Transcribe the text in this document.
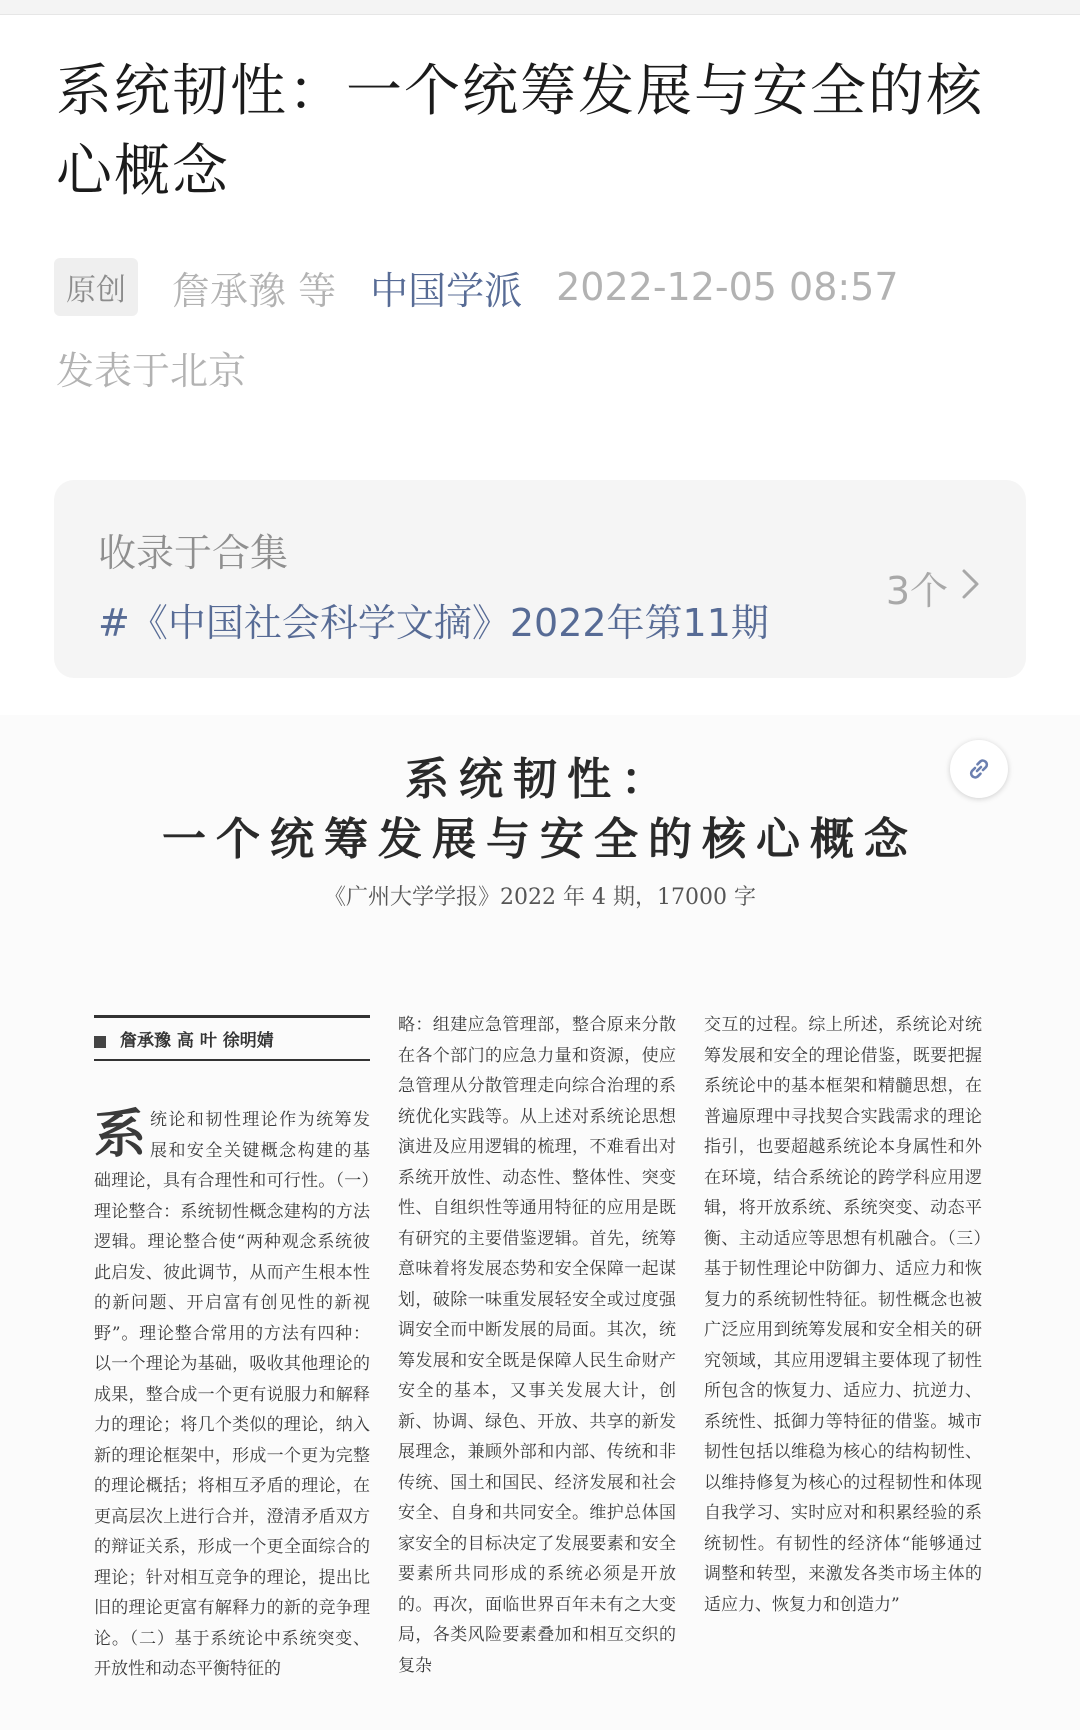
系统韧性：一个统筹发展与安全的核心概念
原创	詹承豫 等 中国学派 2022-12-05 08:57
发表于北京
收录于合集
#《中国社会科学文摘》2022年第11期
3个
系统韧性：
一个统筹发展与安全的核心概念
《广州大学学报》2022 年 4 期，17000 字
詹承豫 高 叶 徐明婧
系 统论和韧性理论作为统筹发展和安全关键概念构建的基础理论，具有合理性和可行性。（一）理论整合：系统韧性概念建构的方法逻辑。理论整合使“两种观念系统彼此启发、彼此调节，从而产生根本性的新问题、开启富有创见性的新视野”。理论整合常用的方法有四种：以一个理论为基础，吸收其他理论的成果，整合成一个更有说服力和解释力的理论；将几个类似的理论，纳入新的理论框架中，形成一个更为完整的理论概括；将相互矛盾的理论，在更高层次上进行合并，澄清矛盾双方的辩证关系，形成一个更全面综合的理论；针对相互竞争的理论，提出比旧的理论更富有解释力的新的竞争理论。（二）基于系统论中系统突变、开放性和动态平衡特征的
略：组建应急管理部，整合原来分散在各个部门的应急力量和资源，使应急管理从分散管理走向综合治理的系统优化实践等。从上述对系统论思想演进及应用逻辑的梳理，不难看出对系统开放性、动态性、整体性、突变性、自组织性等通用特征的应用是既有研究的主要借鉴逻辑。首先，统筹意味着将发展态势和安全保障一起谋划，破除一味重发展轻安全或过度强调安全而中断发展的局面。其次，统筹发展和安全既是保障人民生命财产安全的基本，又事关发展大计，创新、协调、绿色、开放、共享的新发展理念，兼顾外部和内部、传统和非传统、国土和国民、经济发展和社会安全、自身和共同安全。维护总体国家安全的目标决定了发展要素和安全要素所共同形成的系统必须是开放的。再次，面临世界百年未有之大变局，各类风险要素叠加和相互交织的复杂
交互的过程。综上所述，系统论对统筹发展和安全的理论借鉴，既要把握系统论中的基本框架和精髓思想，在普遍原理中寻找契合实践需求的理论指引，也要超越系统论本身属性和外在环境，结合系统论的跨学科应用逻辑，将开放系统、系统突变、动态平衡、主动适应等思想有机融合。（三）基于韧性理论中防御力、适应力和恢复力的系统韧性特征。韧性概念也被广泛应用到统筹发展和安全相关的研究领域，其应用逻辑主要体现了韧性所包含的恢复力、适应力、抗逆力、系统性、抵御力等特征的借鉴。城市韧性包括以维稳为核心的结构韧性、以维持修复为核心的过程韧性和体现自我学习、实时应对和积累经验的系统韧性。有韧性的经济体“能够通过调整和转型，来激发各类市场主体的适应力、恢复力和创造力”
